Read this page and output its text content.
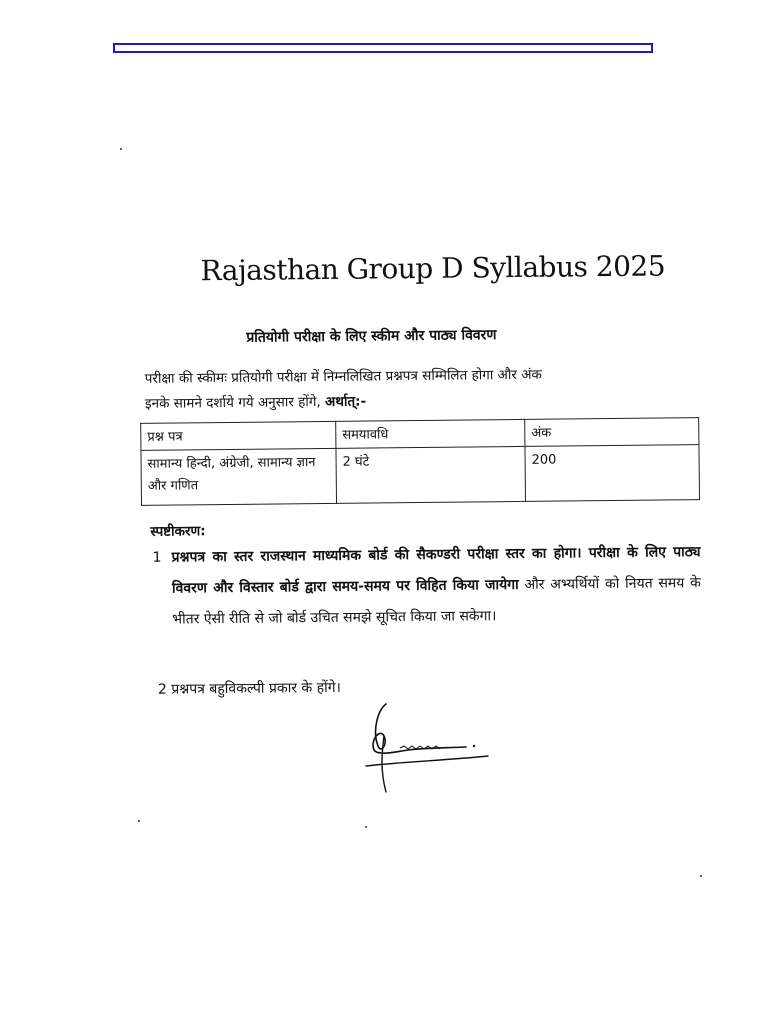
Rajasthan Group D Syllabus 2025
प्रतियोगी परीक्षा के लिए स्कीम और पाठ्य विवरण
परीक्षा की स्कीमः प्रतियोगी परीक्षा में निम्नलिखित प्रश्नपत्र सम्मिलित होगा और अंक
इनके सामने दर्शाये गये अनुसार होंगे, अर्थात्:-
प्रश्न पत्र	समयावधि	अंक
सामान्य हिन्दी, अंग्रेजी, सामान्य ज्ञान और गणित	2 घंटे	200
स्पष्टीकरण:
1 प्रश्नपत्र का स्तर राजस्थान माध्यमिक बोर्ड की सैकण्डरी परीक्षा स्तर का होगा। परीक्षा के लिए पाठ्य विवरण और विस्तार बोर्ड द्वारा समय-समय पर विहित किया जायेगा और अभ्यर्थियों को नियत समय के भीतर ऐसी रीति से जो बोर्ड उचित समझे सूचित किया जा सकेगा।
2 प्रश्नपत्र बहुविकल्पी प्रकार के होंगे।
